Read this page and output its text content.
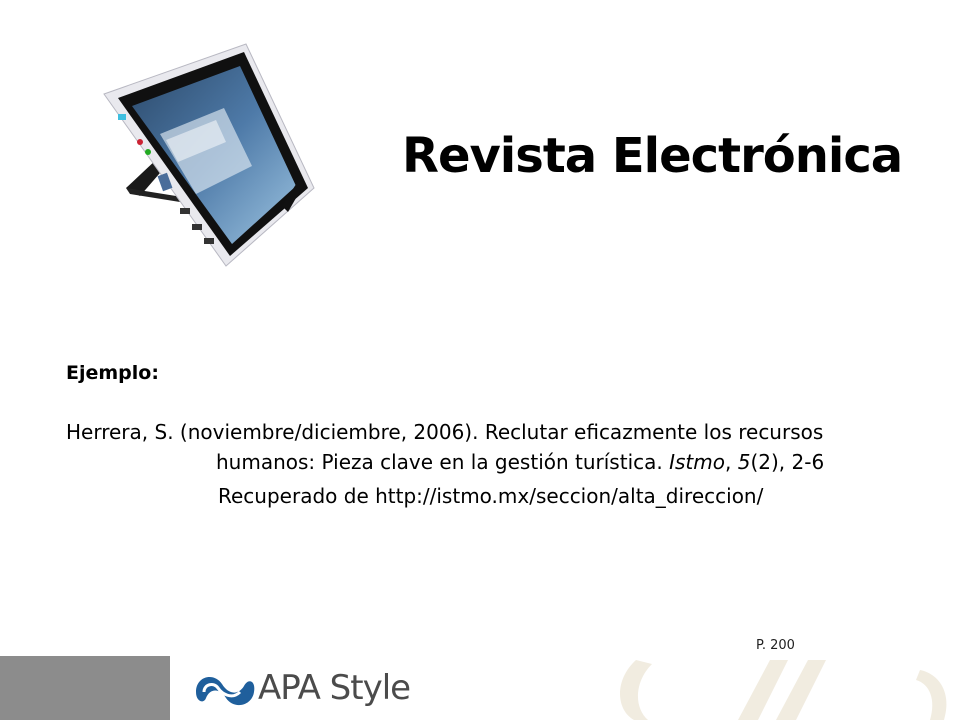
Revista Electrónica
Ejemplo:
Herrera, S. (noviembre/diciembre, 2006). Reclutar eficazmente los recursos
humanos: Pieza clave en la gestión turística. Istmo, 5(2), 2-6
Recuperado de http://istmo.mx/seccion/alta_direccion/
P. 200
APA Style
